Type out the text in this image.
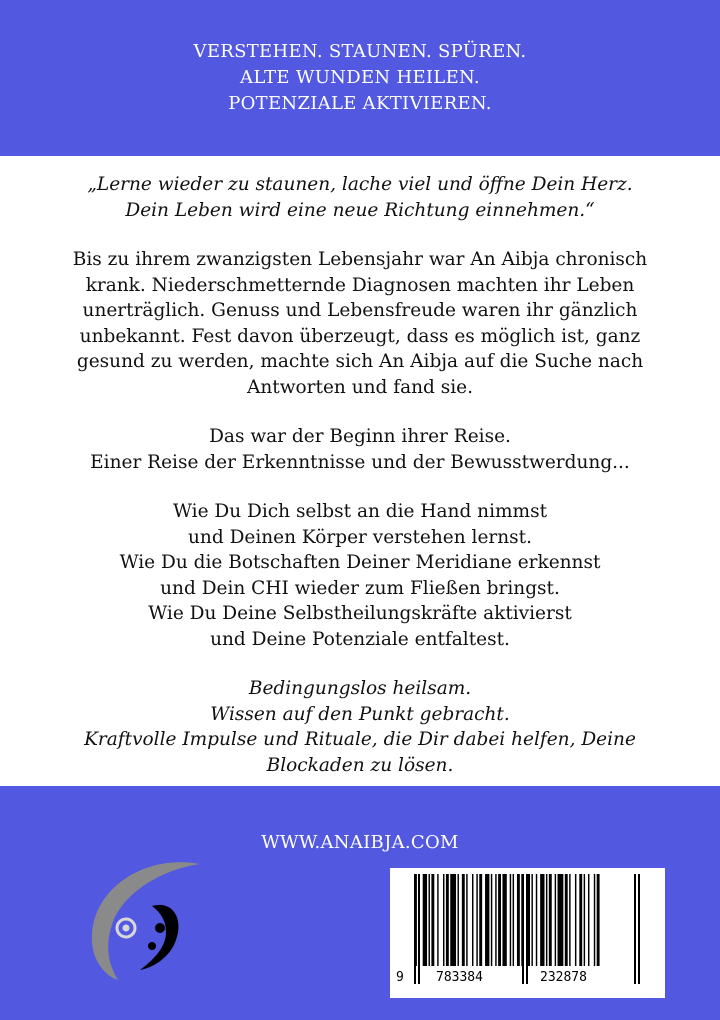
VERSTEHEN. STAUNEN. SPÜREN.
ALTE WUNDEN HEILEN.
POTENZIALE AKTIVIEREN.

„Lerne wieder zu staunen, lache viel und öffne Dein Herz.
Dein Leben wird eine neue Richtung einnehmen.“

Bis zu ihrem zwanzigsten Lebensjahr war An Aibja chronisch
krank. Niederschmetternde Diagnosen machten ihr Leben
unerträglich. Genuss und Lebensfreude waren ihr gänzlich
unbekannt. Fest davon überzeugt, dass es möglich ist, ganz
gesund zu werden, machte sich An Aibja auf die Suche nach
Antworten und fand sie.

Das war der Beginn ihrer Reise.
Einer Reise der Erkenntnisse und der Bewusstwerdung...

Wie Du Dich selbst an die Hand nimmst
und Deinen Körper verstehen lernst.
Wie Du die Botschaften Deiner Meridiane erkennst
und Dein CHI wieder zum Fließen bringst.
Wie Du Deine Selbstheilungskräfte aktivierst
und Deine Potenziale entfaltest.

Bedingungslos heilsam.
Wissen auf den Punkt gebracht.
Kraftvolle Impulse und Rituale, die Dir dabei helfen, Deine
Blockaden zu lösen.

WWW.ANAIBJA.COM
9 783384	232878
